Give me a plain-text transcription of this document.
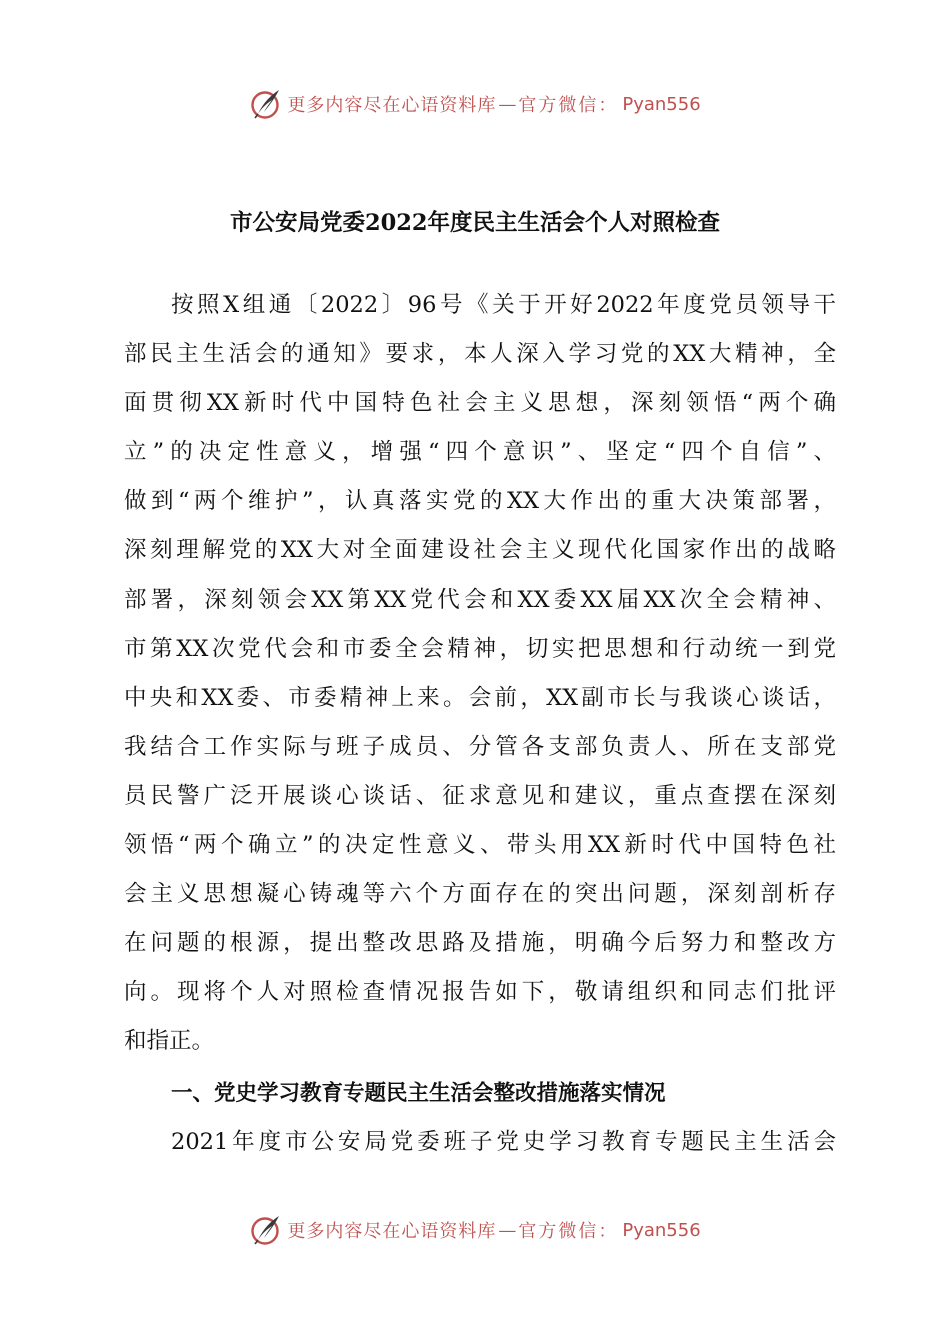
更多内容尽在心语资料库 — 官方微信： Pyan556
市公安局党委2022年度民主生活会个人对照检查
按照X组通〔2022〕96号《关于开好2022年度党员领导干
部民主生活会的通知》要求，本人深入学习党的XX大精神，全
面贯彻XX新时代中国特色社会主义思想，深刻领悟“两个确
立”的决定性意义，增强“四个意识”、坚定“四个自信”、
做到“两个维护”，认真落实党的XX大作出的重大决策部署，
深刻理解党的XX大对全面建设社会主义现代化国家作出的战略
部署，深刻领会XX第XX党代会和XX委XX届XX次全会精神、
市第XX次党代会和市委全会精神，切实把思想和行动统一到党
中央和XX委、市委精神上来。会前，XX副市长与我谈心谈话，
我结合工作实际与班子成员、分管各支部负责人、所在支部党
员民警广泛开展谈心谈话、征求意见和建议，重点查摆在深刻
领悟“两个确立”的决定性意义、带头用XX新时代中国特色社
会主义思想凝心铸魂等六个方面存在的突出问题，深刻剖析存
在问题的根源，提出整改思路及措施，明确今后努力和整改方
向。现将个人对照检查情况报告如下，敬请组织和同志们批评
和指正。
一、党史学习教育专题民主生活会整改措施落实情况
2021年度市公安局党委班子党史学习教育专题民主生活会
更多内容尽在心语资料库 — 官方微信： Pyan556
